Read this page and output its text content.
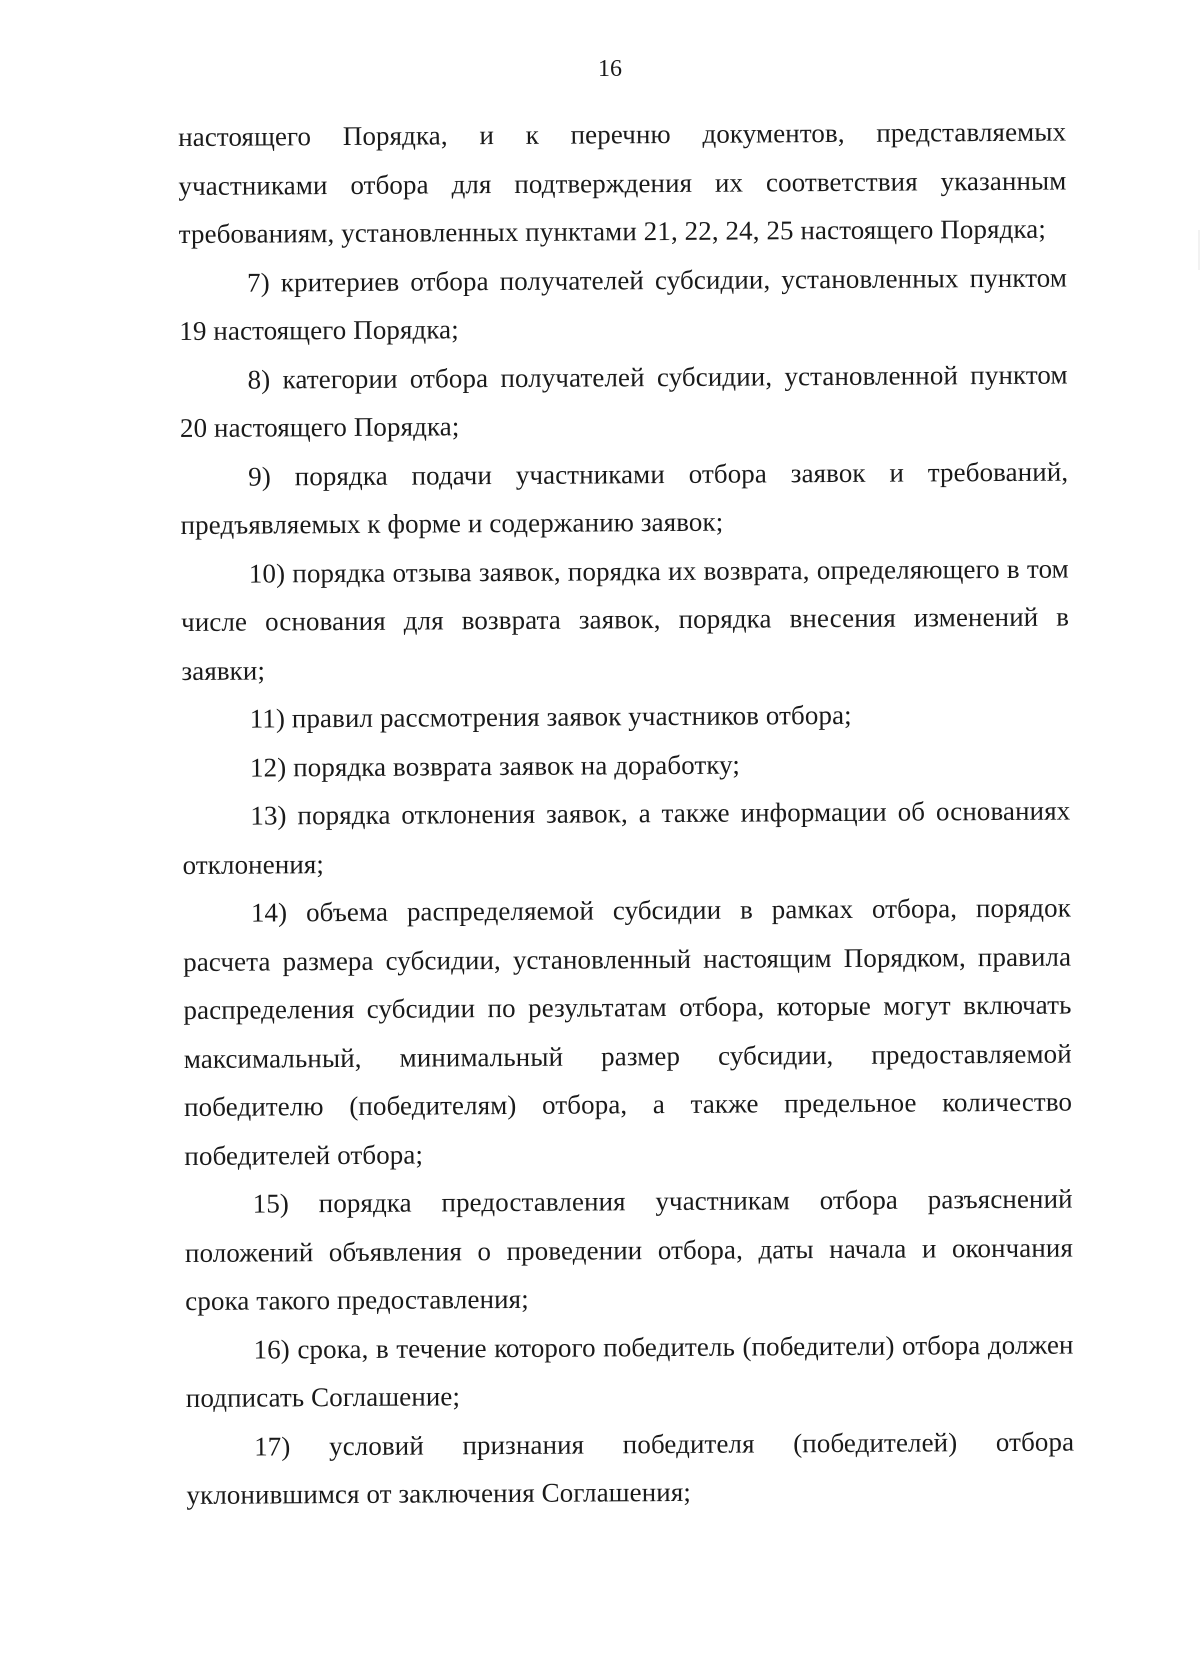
16

настоящего Порядка, и к перечню документов, представляемых участниками отбора для подтверждения их соответствия указанным требованиям, установленных пунктами 21, 22, 24, 25 настоящего Порядка;

7) критериев отбора получателей субсидии, установленных пунктом 19 настоящего Порядка;

8) категории отбора получателей субсидии, установленной пунктом 20 настоящего Порядка;

9) порядка подачи участниками отбора заявок и требований, предъявляемых к форме и содержанию заявок;

10) порядка отзыва заявок, порядка их возврата, определяющего в том числе основания для возврата заявок, порядка внесения изменений в заявки;

11) правил рассмотрения заявок участников отбора;

12) порядка возврата заявок на доработку;

13) порядка отклонения заявок, а также информации об основаниях отклонения;

14) объема распределяемой субсидии в рамках отбора, порядок расчета размера субсидии, установленный настоящим Порядком, правила распределения субсидии по результатам отбора, которые могут включать максимальный, минимальный размер субсидии, предоставляемой победителю (победителям) отбора, а также предельное количество победителей отбора;

15) порядка предоставления участникам отбора разъяснений положений объявления о проведении отбора, даты начала и окончания срока такого предоставления;

16) срока, в течение которого победитель (победители) отбора должен подписать Соглашение;

17) условий признания победителя (победителей) отбора уклонившимся от заключения Соглашения;
